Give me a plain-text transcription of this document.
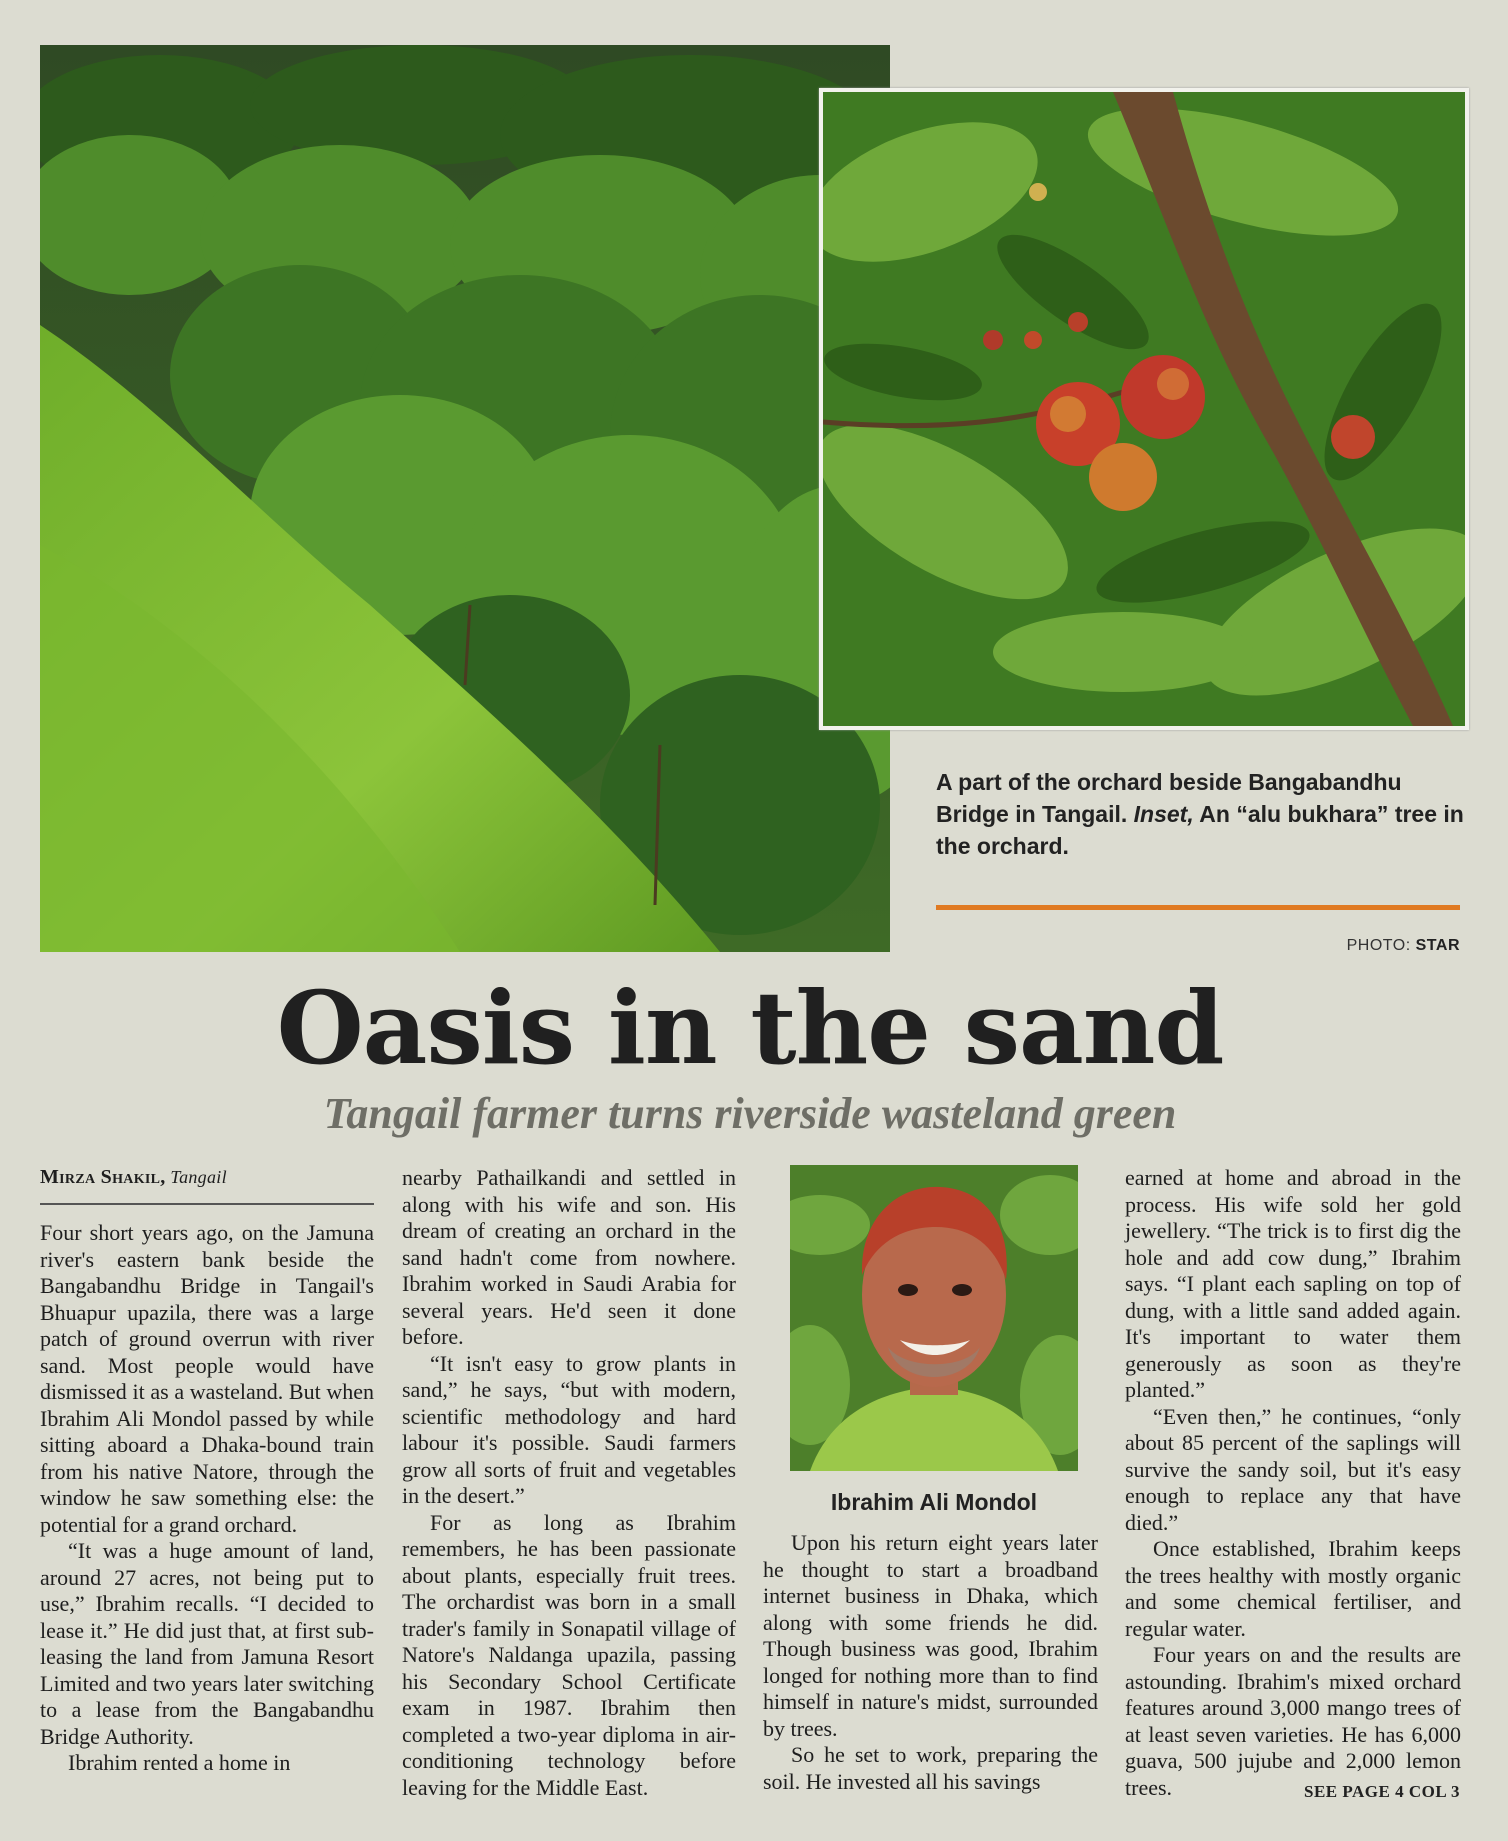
A part of the orchard beside Bangabandhu Bridge in Tangail. Inset, An “alu bukhara” tree in the orchard.
PHOTO: STAR
Oasis in the sand
Tangail farmer turns riverside wasteland green
Mirza Shakil, Tangail

Four short years ago, on the Jamuna river's eastern bank beside the Bangabandhu Bridge in Tangail's Bhuapur upazila, there was a large patch of ground overrun with river sand. Most people would have dismissed it as a wasteland. But when Ibrahim Ali Mondol passed by while sitting aboard a Dhaka-bound train from his native Natore, through the window he saw something else: the potential for a grand orchard.

“It was a huge amount of land, around 27 acres, not being put to use,” Ibrahim recalls. “I decided to lease it.” He did just that, at first sub-leasing the land from Jamuna Resort Limited and two years later switching to a lease from the Bangabandhu Bridge Authority.

Ibrahim rented a home in

nearby Pathailkandi and settled in along with his wife and son. His dream of creating an orchard in the sand hadn't come from nowhere. Ibrahim worked in Saudi Arabia for several years. He'd seen it done before.

“It isn't easy to grow plants in sand,” he says, “but with modern, scientific methodology and hard labour it's possible. Saudi farmers grow all sorts of fruit and vegetables in the desert.”

For as long as Ibrahim remembers, he has been passionate about plants, especially fruit trees. The orchardist was born in a small trader's family in Sonapatil village of Natore's Naldanga upazila, passing his Secondary School Certificate exam in 1987. Ibrahim then completed a two-year diploma in air-conditioning technology before leaving for the Middle East.

Ibrahim Ali Mondol

Upon his return eight years later he thought to start a broadband internet business in Dhaka, which along with some friends he did. Though business was good, Ibrahim longed for nothing more than to find himself in nature's midst, surrounded by trees.

So he set to work, preparing the soil. He invested all his savings

earned at home and abroad in the process. His wife sold her gold jewellery. “The trick is to first dig the hole and add cow dung,” Ibrahim says. “I plant each sapling on top of dung, with a little sand added again. It's important to water them generously as soon as they're planted.”

“Even then,” he continues, “only about 85 percent of the saplings will survive the sandy soil, but it's easy enough to replace any that have died.”

Once established, Ibrahim keeps the trees healthy with mostly organic and some chemical fertiliser, and regular water.

Four years on and the results are astounding. Ibrahim's mixed orchard features around 3,000 mango trees of at least seven varieties. He has 6,000 guava, 500 jujube and 2,000 lemon trees.	SEE PAGE 4 COL 3
